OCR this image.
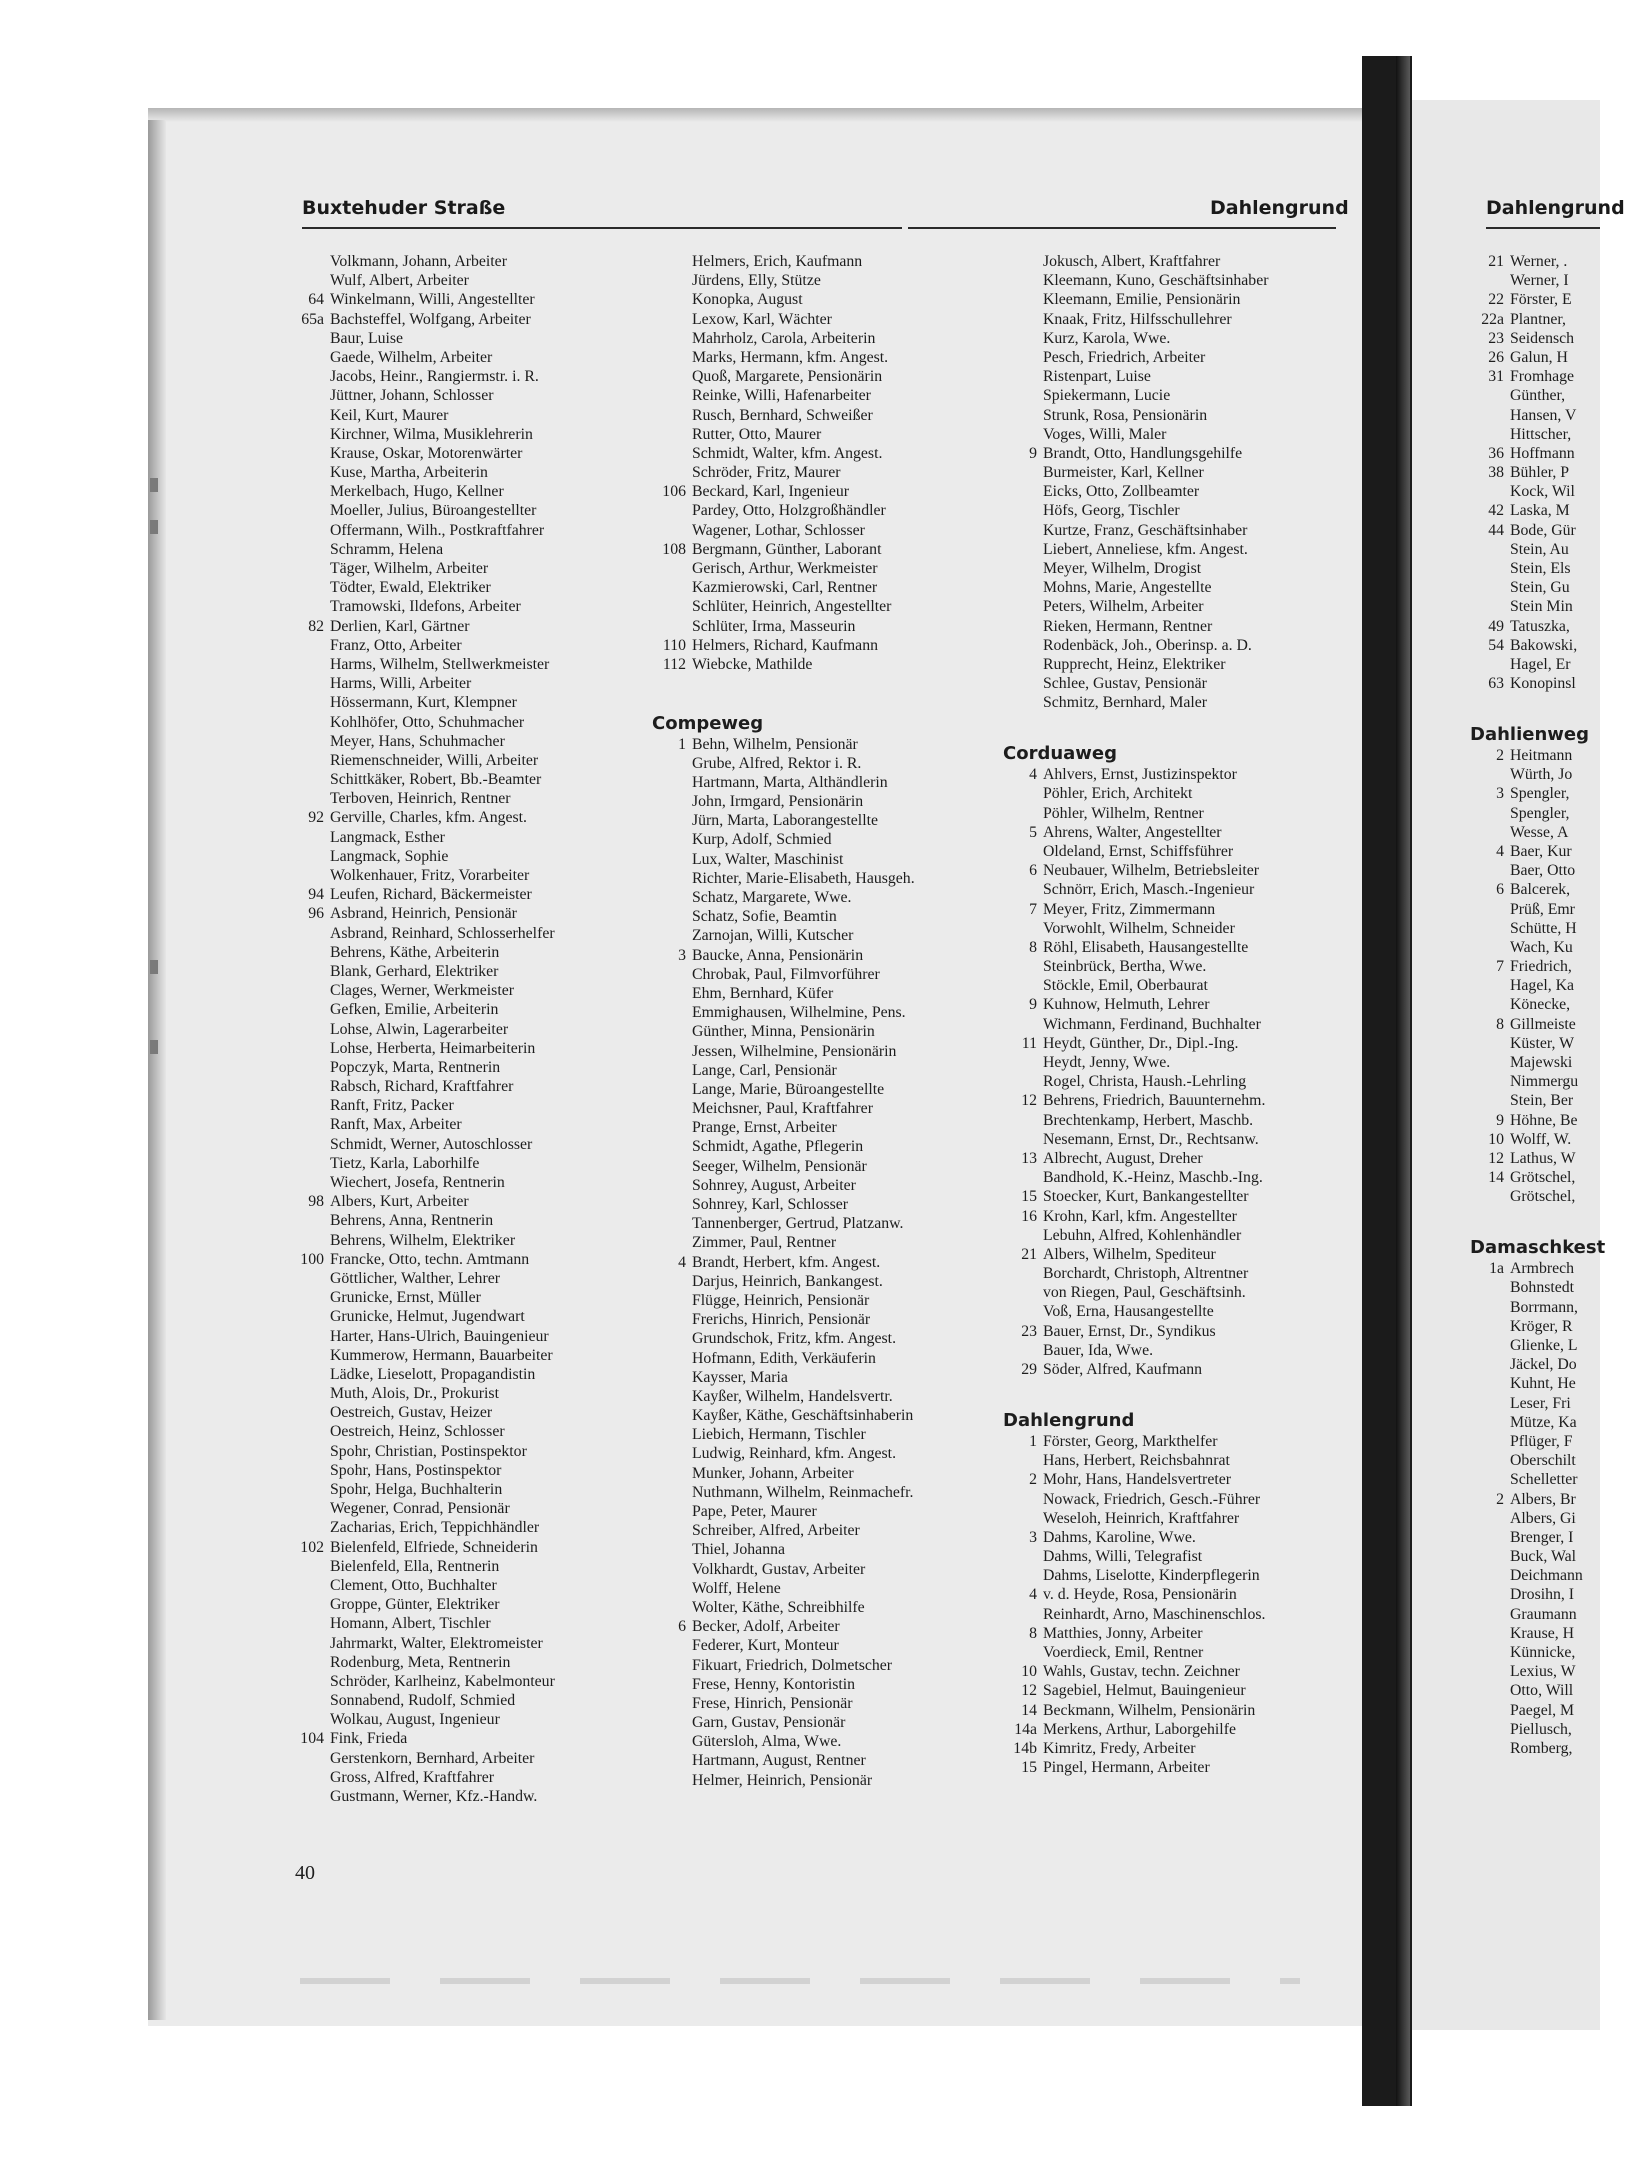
Buxtehuder Straße	Dahlengrund	Dahlengrund
Volkmann, Johann, Arbeiter
Wulf, Albert, Arbeiter
64 Winkelmann, Willi, Angestellter
65a Bachsteffel, Wolfgang, Arbeiter
Baur, Luise
Gaede, Wilhelm, Arbeiter
Jacobs, Heinr., Rangiermstr. i. R.
Jüttner, Johann, Schlosser
Keil, Kurt, Maurer
Kirchner, Wilma, Musiklehrerin
Krause, Oskar, Motorenwärter
Kuse, Martha, Arbeiterin
Merkelbach, Hugo, Kellner
Moeller, Julius, Büroangestellter
Offermann, Wilh., Postkraftfahrer
Schramm, Helena
Täger, Wilhelm, Arbeiter
Tödter, Ewald, Elektriker
Tramowski, Ildefons, Arbeiter
82 Derlien, Karl, Gärtner
Franz, Otto, Arbeiter
Harms, Wilhelm, Stellwerkmeister
Harms, Willi, Arbeiter
Hössermann, Kurt, Klempner
Kohlhöfer, Otto, Schuhmacher
Meyer, Hans, Schuhmacher
Riemenschneider, Willi, Arbeiter
Schittkäker, Robert, Bb.-Beamter
Terboven, Heinrich, Rentner
92 Gerville, Charles, kfm. Angest.
Langmack, Esther
Langmack, Sophie
Wolkenhauer, Fritz, Vorarbeiter
94 Leufen, Richard, Bäckermeister
96 Asbrand, Heinrich, Pensionär
Asbrand, Reinhard, Schlosserhelfer
Behrens, Käthe, Arbeiterin
Blank, Gerhard, Elektriker
Clages, Werner, Werkmeister
Gefken, Emilie, Arbeiterin
Lohse, Alwin, Lagerarbeiter
Lohse, Herberta, Heimarbeiterin
Popczyk, Marta, Rentnerin
Rabsch, Richard, Kraftfahrer
Ranft, Fritz, Packer
Ranft, Max, Arbeiter
Schmidt, Werner, Autoschlosser
Tietz, Karla, Laborhilfe
Wiechert, Josefa, Rentnerin
98 Albers, Kurt, Arbeiter
Behrens, Anna, Rentnerin
Behrens, Wilhelm, Elektriker
100 Francke, Otto, techn. Amtmann
Göttlicher, Walther, Lehrer
Grunicke, Ernst, Müller
Grunicke, Helmut, Jugendwart
Harter, Hans-Ulrich, Bauingenieur
Kummerow, Hermann, Bauarbeiter
Lädke, Lieselott, Propagandistin
Muth, Alois, Dr., Prokurist
Oestreich, Gustav, Heizer
Oestreich, Heinz, Schlosser
Spohr, Christian, Postinspektor
Spohr, Hans, Postinspektor
Spohr, Helga, Buchhalterin
Wegener, Conrad, Pensionär
Zacharias, Erich, Teppichhändler
102 Bielenfeld, Elfriede, Schneiderin
Bielenfeld, Ella, Rentnerin
Clement, Otto, Buchhalter
Groppe, Günter, Elektriker
Homann, Albert, Tischler
Jahrmarkt, Walter, Elektromeister
Rodenburg, Meta, Rentnerin
Schröder, Karlheinz, Kabelmonteur
Sonnabend, Rudolf, Schmied
Wolkau, August, Ingenieur
104 Fink, Frieda
Gerstenkorn, Bernhard, Arbeiter
Gross, Alfred, Kraftfahrer
Gustmann, Werner, Kfz.-Handw.
Helmers, Erich, Kaufmann
Jürdens, Elly, Stütze
Konopka, August
Lexow, Karl, Wächter
Mahrholz, Carola, Arbeiterin
Marks, Hermann, kfm. Angest.
Quoß, Margarete, Pensionärin
Reinke, Willi, Hafenarbeiter
Rusch, Bernhard, Schweißer
Rutter, Otto, Maurer
Schmidt, Walter, kfm. Angest.
Schröder, Fritz, Maurer
106 Beckard, Karl, Ingenieur
Pardey, Otto, Holzgroßhändler
Wagener, Lothar, Schlosser
108 Bergmann, Günther, Laborant
Gerisch, Arthur, Werkmeister
Kazmierowski, Carl, Rentner
Schlüter, Heinrich, Angestellter
Schlüter, Irma, Masseurin
110 Helmers, Richard, Kaufmann
112 Wiebcke, Mathilde
Compeweg
1 Behn, Wilhelm, Pensionär
Grube, Alfred, Rektor i. R.
Hartmann, Marta, Althändlerin
John, Irmgard, Pensionärin
Jürn, Marta, Laborangestellte
Kurp, Adolf, Schmied
Lux, Walter, Maschinist
Richter, Marie-Elisabeth, Hausgeh.
Schatz, Margarete, Wwe.
Schatz, Sofie, Beamtin
Zarnojan, Willi, Kutscher
3 Baucke, Anna, Pensionärin
Chrobak, Paul, Filmvorführer
Ehm, Bernhard, Küfer
Emmighausen, Wilhelmine, Pens.
Günther, Minna, Pensionärin
Jessen, Wilhelmine, Pensionärin
Lange, Carl, Pensionär
Lange, Marie, Büroangestellte
Meichsner, Paul, Kraftfahrer
Prange, Ernst, Arbeiter
Schmidt, Agathe, Pflegerin
Seeger, Wilhelm, Pensionär
Sohnrey, August, Arbeiter
Sohnrey, Karl, Schlosser
Tannenberger, Gertrud, Platzanw.
Zimmer, Paul, Rentner
4 Brandt, Herbert, kfm. Angest.
Darjus, Heinrich, Bankangest.
Flügge, Heinrich, Pensionär
Frerichs, Hinrich, Pensionär
Grundschok, Fritz, kfm. Angest.
Hofmann, Edith, Verkäuferin
Kaysser, Maria
Kayßer, Wilhelm, Handelsvertr.
Kayßer, Käthe, Geschäftsinhaberin
Liebich, Hermann, Tischler
Ludwig, Reinhard, kfm. Angest.
Munker, Johann, Arbeiter
Nuthmann, Wilhelm, Reinmachefr.
Pape, Peter, Maurer
Schreiber, Alfred, Arbeiter
Thiel, Johanna
Volkhardt, Gustav, Arbeiter
Wolff, Helene
Wolter, Käthe, Schreibhilfe
6 Becker, Adolf, Arbeiter
Federer, Kurt, Monteur
Fikuart, Friedrich, Dolmetscher
Frese, Henny, Kontoristin
Frese, Hinrich, Pensionär
Garn, Gustav, Pensionär
Gütersloh, Alma, Wwe.
Hartmann, August, Rentner
Helmer, Heinrich, Pensionär
Jokusch, Albert, Kraftfahrer
Kleemann, Kuno, Geschäftsinhaber
Kleemann, Emilie, Pensionärin
Knaak, Fritz, Hilfsschullehrer
Kurz, Karola, Wwe.
Pesch, Friedrich, Arbeiter
Ristenpart, Luise
Spiekermann, Lucie
Strunk, Rosa, Pensionärin
Voges, Willi, Maler
9 Brandt, Otto, Handlungsgehilfe
Burmeister, Karl, Kellner
Eicks, Otto, Zollbeamter
Höfs, Georg, Tischler
Kurtze, Franz, Geschäftsinhaber
Liebert, Anneliese, kfm. Angest.
Meyer, Wilhelm, Drogist
Mohns, Marie, Angestellte
Peters, Wilhelm, Arbeiter
Rieken, Hermann, Rentner
Rodenbäck, Joh., Oberinsp. a. D.
Rupprecht, Heinz, Elektriker
Schlee, Gustav, Pensionär
Schmitz, Bernhard, Maler
Corduaweg
4 Ahlvers, Ernst, Justizinspektor
Pöhler, Erich, Architekt
Pöhler, Wilhelm, Rentner
5 Ahrens, Walter, Angestellter
Oldeland, Ernst, Schiffsführer
6 Neubauer, Wilhelm, Betriebsleiter
Schnörr, Erich, Masch.-Ingenieur
7 Meyer, Fritz, Zimmermann
Vorwohlt, Wilhelm, Schneider
8 Röhl, Elisabeth, Hausangestellte
Steinbrück, Bertha, Wwe.
Stöckle, Emil, Oberbaurat
9 Kuhnow, Helmuth, Lehrer
Wichmann, Ferdinand, Buchhalter
11 Heydt, Günther, Dr., Dipl.-Ing.
Heydt, Jenny, Wwe.
Rogel, Christa, Haush.-Lehrling
12 Behrens, Friedrich, Bauunternehm.
Brechtenkamp, Herbert, Maschb.
Nesemann, Ernst, Dr., Rechtsanw.
13 Albrecht, August, Dreher
Bandhold, K.-Heinz, Maschb.-Ing.
15 Stoecker, Kurt, Bankangestellter
16 Krohn, Karl, kfm. Angestellter
Lebuhn, Alfred, Kohlenhändler
21 Albers, Wilhelm, Spediteur
Borchardt, Christoph, Altrentner
von Riegen, Paul, Geschäftsinh.
Voß, Erna, Hausangestellte
23 Bauer, Ernst, Dr., Syndikus
Bauer, Ida, Wwe.
29 Söder, Alfred, Kaufmann
Dahlengrund
1 Förster, Georg, Markthelfer
Hans, Herbert, Reichsbahnrat
2 Mohr, Hans, Handelsvertreter
Nowack, Friedrich, Gesch.-Führer
Weseloh, Heinrich, Kraftfahrer
3 Dahms, Karoline, Wwe.
Dahms, Willi, Telegrafist
Dahms, Liselotte, Kinderpflegerin
4 v. d. Heyde, Rosa, Pensionärin
Reinhardt, Arno, Maschinenschlos.
8 Matthies, Jonny, Arbeiter
Voerdieck, Emil, Rentner
10 Wahls, Gustav, techn. Zeichner
12 Sagebiel, Helmut, Bauingenieur
14 Beckmann, Wilhelm, Pensionärin
14a Merkens, Arthur, Laborgehilfe
14b Kimritz, Fredy, Arbeiter
15 Pingel, Hermann, Arbeiter
21 Werner, .
Werner, I
22 Förster, E
22a Plantner,
23 Seidensch
26 Galun, H
31 Fromhage
Günther,
Hansen, V
Hittscher,
36 Hoffmann
38 Bühler, P
Kock, Wil
42 Laska, M
44 Bode, Gür
Stein, Au
Stein, Els
Stein, Gu
Stein Min
49 Tatuszka,
54 Bakowski,
Hagel, Er
63 Konopinsl
Dahlienweg
2 Heitmann
Würth, Jo
3 Spengler,
Spengler,
Wesse, A
4 Baer, Kur
Baer, Otto
6 Balcerek,
Prüß, Emr
Schütte, H
Wach, Ku
7 Friedrich,
Hagel, Ka
Könecke,
8 Gillmeiste
Küster, W
Majewski
Nimmergu
Stein, Ber
9 Höhne, Be
10 Wolff, W.
12 Lathus, W
14 Grötschel,
Grötschel,
Damaschkest
1a Armbrech
Bohnstedt
Borrmann,
Kröger, R
Glienke, L
Jäckel, Do
Kuhnt, He
Leser, Fri
Mütze, Ka
Pflüger, F
Oberschilt
Schelletter
2 Albers, Br
Albers, Gi
Brenger, I
Buck, Wal
Deichmann
Drosihn, I
Graumann
Krause, H
Künnicke,
Lexius, W
Otto, Will
Paegel, M
Piellusch,
Romberg,
40
